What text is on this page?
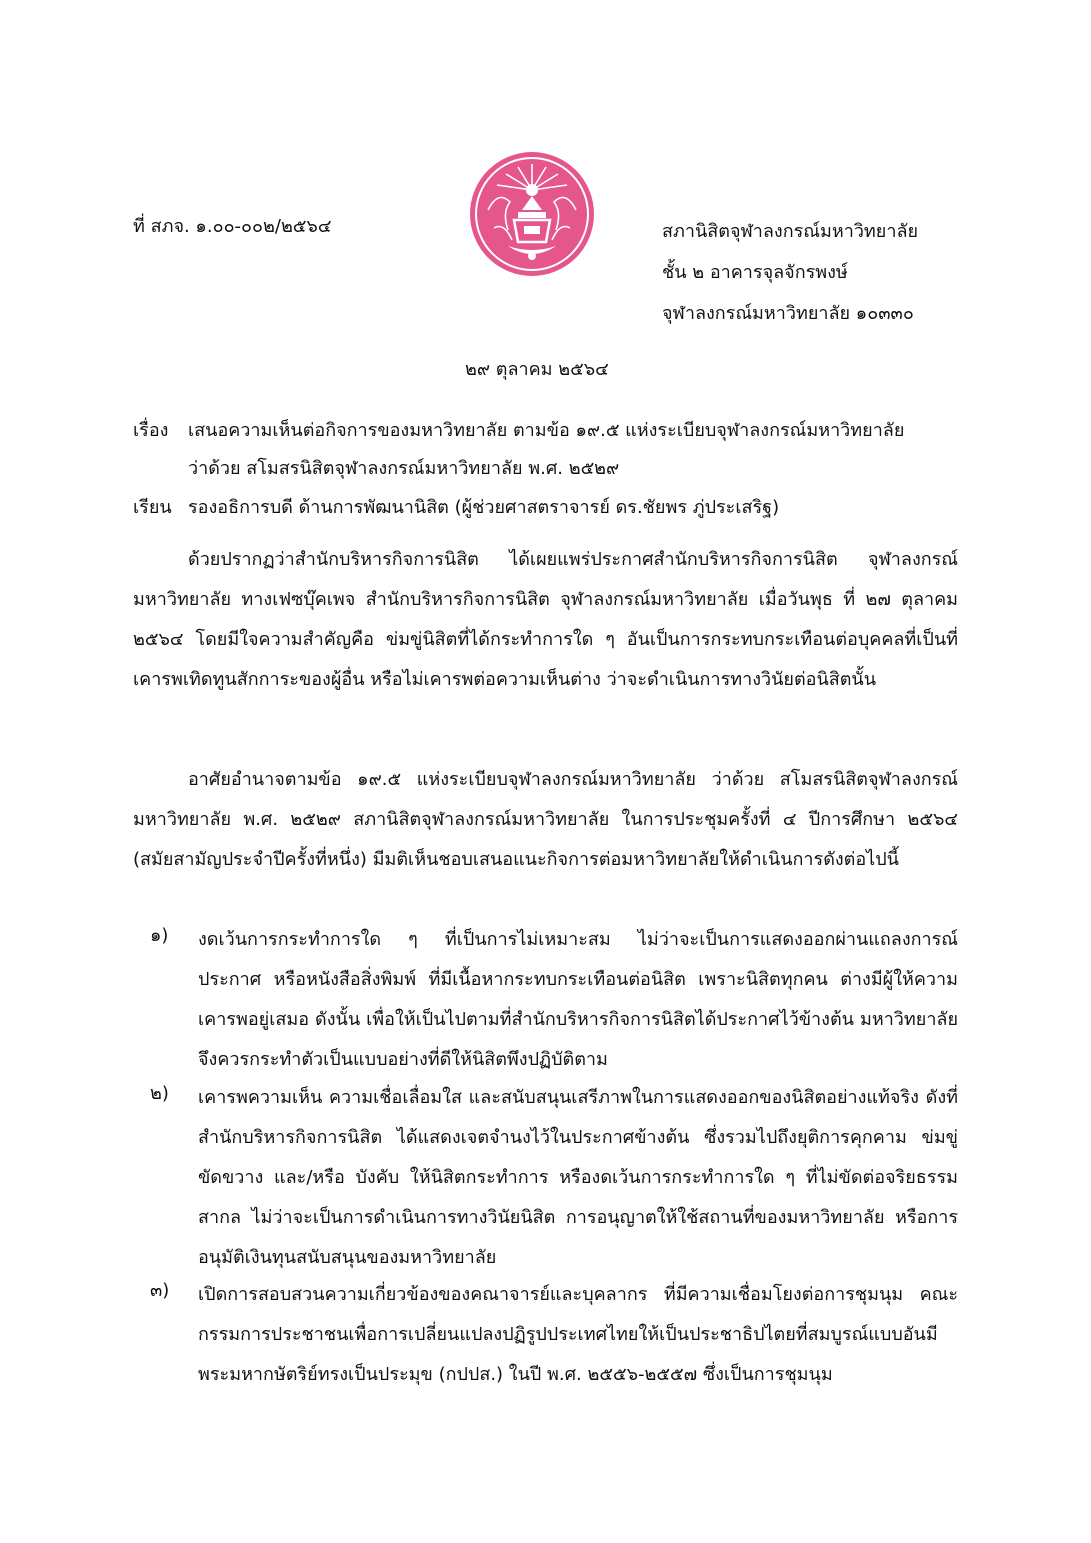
ที่ สภจ. ๑.๐๐-๐๐๒/๒๕๖๔	สภานิสิตจุฬาลงกรณ์มหาวิทยาลัย
ชั้น ๒ อาคารจุลจักรพงษ์
จุฬาลงกรณ์มหาวิทยาลัย ๑๐๓๓๐
๒๙ ตุลาคม ๒๕๖๔
เรื่อง เสนอความเห็นต่อกิจการของมหาวิทยาลัย ตามข้อ ๑๙.๕ แห่งระเบียบจุฬาลงกรณ์มหาวิทยาลัย
ว่าด้วย สโมสรนิสิตจุฬาลงกรณ์มหาวิทยาลัย พ.ศ. ๒๕๒๙
เรียน รองอธิการบดี ด้านการพัฒนานิสิต (ผู้ช่วยศาสตราจารย์ ดร.ชัยพร ภู่ประเสริฐ)
ด้วยปรากฏว่าสำนักบริหารกิจการนิสิต ได้เผยแพร่ประกาศสำนักบริหารกิจการนิสิต จุฬาลงกรณ์มหาวิทยาลัย ทางเฟซบุ๊คเพจ สำนักบริหารกิจการนิสิต จุฬาลงกรณ์มหาวิทยาลัย เมื่อวันพุธ ที่ ๒๗ ตุลาคม ๒๕๖๔ โดยมีใจความสำคัญคือ ข่มขู่นิสิตที่ได้กระทำการใด ๆ อันเป็นการกระทบกระเทือนต่อบุคคลที่เป็นที่เคารพเทิดทูนสักการะของผู้อื่น หรือไม่เคารพต่อความเห็นต่าง ว่าจะดำเนินการทางวินัยต่อนิสิตนั้น
อาศัยอำนาจตามข้อ ๑๙.๕ แห่งระเบียบจุฬาลงกรณ์มหาวิทยาลัย ว่าด้วย สโมสรนิสิตจุฬาลงกรณ์มหาวิทยาลัย พ.ศ. ๒๕๒๙ สภานิสิตจุฬาลงกรณ์มหาวิทยาลัย ในการประชุมครั้งที่ ๔ ปีการศึกษา ๒๕๖๔ (สมัยสามัญประจำปีครั้งที่หนึ่ง) มีมติเห็นชอบเสนอแนะกิจการต่อมหาวิทยาลัยให้ดำเนินการดังต่อไปนี้
๑)	งดเว้นการกระทำการใด ๆ ที่เป็นการไม่เหมาะสม ไม่ว่าจะเป็นการแสดงออกผ่านแถลงการณ์ ประกาศ หรือหนังสือสิ่งพิมพ์ ที่มีเนื้อหากระทบกระเทือนต่อนิสิต เพราะนิสิตทุกคน ต่างมีผู้ให้ความเคารพอยู่เสมอ ดังนั้น เพื่อให้เป็นไปตามที่สำนักบริหารกิจการนิสิตได้ประกาศไว้ข้างต้น มหาวิทยาลัยจึงควรกระทำตัวเป็นแบบอย่างที่ดีให้นิสิตพึงปฏิบัติตาม
๒)	เคารพความเห็น ความเชื่อเลื่อมใส และสนับสนุนเสรีภาพในการแสดงออกของนิสิตอย่างแท้จริง ดังที่สำนักบริหารกิจการนิสิต ได้แสดงเจตจำนงไว้ในประกาศข้างต้น ซึ่งรวมไปถึงยุติการคุกคาม ข่มขู่ ขัดขวาง และ/หรือ บังคับ ให้นิสิตกระทำการ หรืองดเว้นการกระทำการใด ๆ ที่ไม่ขัดต่อจริยธรรมสากล ไม่ว่าจะเป็นการดำเนินการทางวินัยนิสิต การอนุญาตให้ใช้สถานที่ของมหาวิทยาลัย หรือการอนุมัติเงินทุนสนับสนุนของมหาวิทยาลัย
๓)	เปิดการสอบสวนความเกี่ยวข้องของคณาจารย์และบุคลากร ที่มีความเชื่อมโยงต่อการชุมนุม คณะกรรมการประชาชนเพื่อการเปลี่ยนแปลงปฏิรูปประเทศไทยให้เป็นประชาธิปไตยที่สมบูรณ์แบบอันมีพระมหากษัตริย์ทรงเป็นประมุข (กปปส.) ในปี พ.ศ. ๒๕๕๖-๒๕๕๗ ซึ่งเป็นการชุมนุม
